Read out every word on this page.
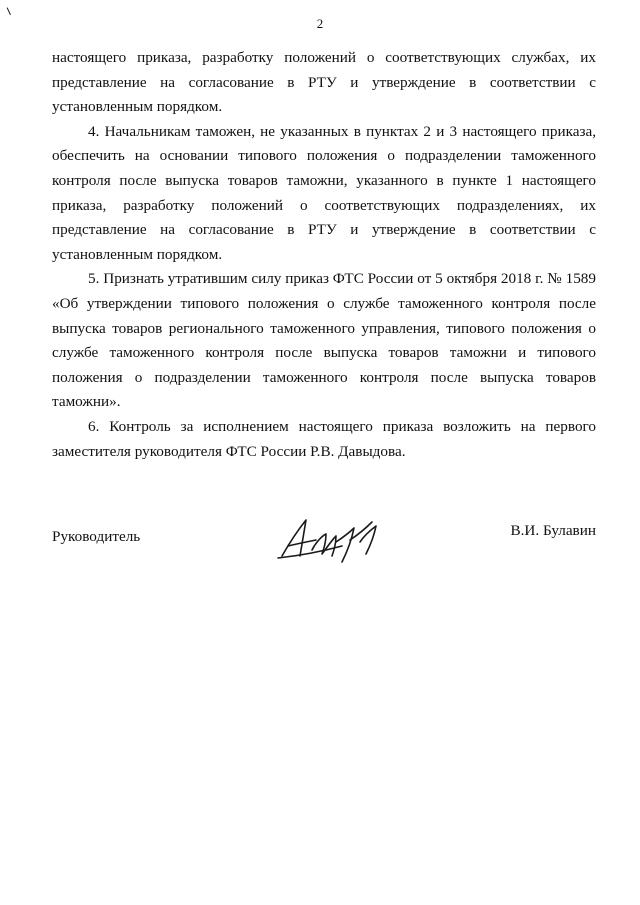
2

настоящего приказа, разработку положений о соответствующих службах, их представление на согласование в РТУ и утверждение в соответствии с установленным порядком.

4. Начальникам таможен, не указанных в пунктах 2 и 3 настоящего приказа, обеспечить на основании типового положения о подразделении таможенного контроля после выпуска товаров таможни, указанного в пункте 1 настоящего приказа, разработку положений о соответствующих подразделениях, их представление на согласование в РТУ и утверждение в соответствии с установленным порядком.

5. Признать утратившим силу приказ ФТС России от 5 октября 2018 г. № 1589 «Об утверждении типового положения о службе таможенного контроля после выпуска товаров регионального таможенного управления, типового положения о службе таможенного контроля после выпуска товаров таможни и типового положения о подразделении таможенного контроля после выпуска товаров таможни».

6. Контроль за исполнением настоящего приказа возложить на первого заместителя руководителя ФТС России Р.В. Давыдова.

Руководитель	В.И. Булавин
